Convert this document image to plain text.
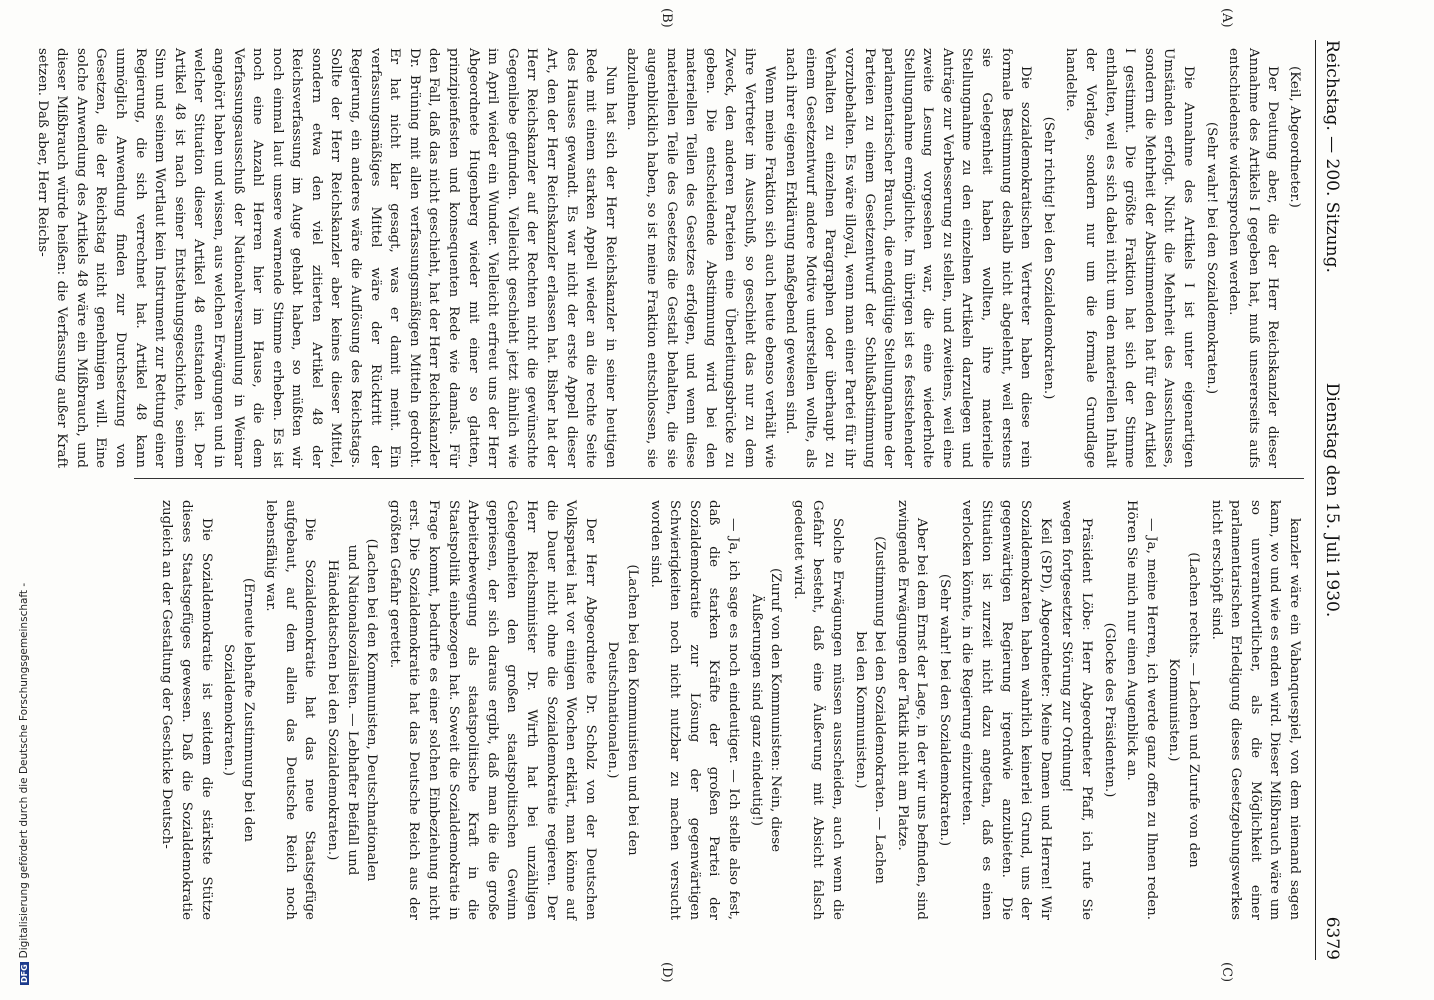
Reichstag. — 200. Sitzung.
Dienstag den 15. Juli 1930.
6379
(A)
(B)
(C)
(D)

(Keil, Abgeordneter.)

Der Deutung aber, die der Herr Reichskanzler dieser Annahme des Artikels I gegeben hat, muß unsererseits aufs entschiedenste widersprochen werden.

(Sehr wahr! bei den Sozialdemokraten.)

Die Annahme des Artikels I ist unter eigenartigen Umständen erfolgt. Nicht die Mehrheit des Ausschusses, sondern die Mehrheit der Abstimmenden hat für den Artikel I gestimmt. Die größte Fraktion hat sich der Stimme enthalten, weil es sich dabei nicht um den materiellen Inhalt der Vorlage, sondern nur um die formale Grundlage handelte.

(Sehr richtig! bei den Sozialdemokraten.)

Die sozialdemokratischen Vertreter haben diese rein formale Bestimmung deshalb nicht abgelehnt, weil erstens sie Gelegenheit haben wollten, ihre materielle Stellungnahme zu den einzelnen Artikeln darzulegen und Anträge zur Verbesserung zu stellen, und zweitens, weil eine zweite Lesung vorgesehen war, die eine wiederholte Stellungnahme ermöglichte. Im übrigen ist es feststehender parlamentarischer Brauch, die endgültige Stellungnahme der Parteien zu einem Gesetzentwurf der Schlußabstimmung vorzubehalten. Es wäre illoyal, wenn man einer Partei für ihr Verhalten zu einzelnen Paragraphen oder überhaupt zu einem Gesetzentwurf andere Motive unterstellen wollte, als nach ihrer eigenen Erklärung maßgebend gewesen sind.

Wenn meine Fraktion sich auch heute ebenso verhält wie ihre Vertreter im Ausschuß, so geschieht das nur zu dem Zweck, den anderen Parteien eine Überleitungsbrücke zu geben. Die entscheidende Abstimmung wird bei den materiellen Teilen des Gesetzes erfolgen, und wenn diese materiellen Teile des Gesetzes die Gestalt behalten, die sie augenblicklich haben, so ist meine Fraktion entschlossen, sie abzulehnen.

Nun hat sich der Herr Reichskanzler in seiner heutigen Rede mit einem starken Appell wieder an die rechte Seite des Hauses gewandt. Es war nicht der erste Appell dieser Art, den der Herr Reichskanzler erlassen hat. Bisher hat der Herr Reichskanzler auf der Rechten nicht die gewünschte Gegenliebe gefunden. Vielleicht geschieht jetzt ähnlich wie im April wieder ein Wunder. Vielleicht erfreut uns der Herr Abgeordnete Hugenberg wieder mit einer so glatten, prinzipienfesten und konsequenten Rede wie damals. Für den Fall, daß das nicht geschieht, hat der Herr Reichskanzler Dr. Brüning mit allen verfassungsmäßigen Mitteln gedroht. Er hat nicht klar gesagt, was er damit meint. Ein verfassungsmäßiges Mittel wäre der Rücktritt der Regierung, ein anderes wäre die Auflösung des Reichstags. Sollte der Herr Reichskanzler aber keines dieser Mittel, sondern etwa den viel zitierten Artikel 48 der Reichsverfassung im Auge gehabt haben, so müßten wir noch einmal laut unsere warnende Stimme erheben. Es ist noch eine Anzahl Herren hier im Hause, die dem Verfassungsausschuß der Nationalversammlung in Weimar angehört haben und wissen, aus welchen Erwägungen und in welcher Situation dieser Artikel 48 entstanden ist. Der Artikel 48 ist nach seiner Entstehungsgeschichte, seinem Sinn und seinem Wortlaut kein Instrument zur Rettung einer Regierung, die sich verrechnet hat. Artikel 48 kann unmöglich Anwendung finden zur Durchsetzung von Gesetzen, die der Reichstag nicht genehmigen will. Eine solche Anwendung des Artikels 48 wäre ein Mißbrauch, und dieser Mißbrauch würde heißen: die Verfassung außer Kraft setzen. Daß aber, Herr Reichs-

kanzler wäre ein Vabanquespiel, von dem niemand sagen kann, wo und wie es enden wird. Dieser Mißbrauch wäre um so unverantwortlicher, als die Möglichkeit einer parlamentarischen Erledigung dieses Gesetzgebungswerkes nicht erschöpft sind.

(Lachen rechts. — Lachen und Zurufe von den Kommunisten.)

— Ja, meine Herren, ich werde ganz offen zu Ihnen reden. Hören Sie mich nur einen Augenblick an.

(Glocke des Präsidenten.)

Präsident Löbe: Herr Abgeordneter Pfaff, ich rufe Sie wegen fortgesetzter Störung zur Ordnung!

Keil (SPD), Abgeordneter: Meine Damen und Herren! Wir Sozialdemokraten haben wahrlich keinerlei Grund, uns der gegenwärtigen Regierung irgendwie anzubieten. Die Situation ist zurzeit nicht dazu angetan, daß es einen verlocken könnte, in die Regierung einzutreten.

(Sehr wahr! bei den Sozialdemokraten.)

Aber bei dem Ernst der Lage, in der wir uns befinden, sind zwingende Erwägungen der Taktik nicht am Platze.

(Zustimmung bei den Sozialdemokraten. — Lachen bei den Kommunisten.)

Solche Erwägungen müssen ausscheiden, auch wenn die Gefahr besteht, daß eine Äußerung mit Absicht falsch gedeutet wird.

(Zuruf von den Kommunisten: Nein, diese Äußerungen sind ganz eindeutig!)

— Ja, ich sage es noch eindeutiger. — Ich stelle also fest, daß die starken Kräfte der großen Partei der Sozialdemokratie zur Lösung der gegenwärtigen Schwierigkeiten noch nicht nutzbar zu machen versucht worden sind.

(Lachen bei den Kommunisten und bei den Deutschnationalen.)

Der Herr Abgeordnete Dr. Scholz von der Deutschen Volkspartei hat vor einigen Wochen erklärt, man könne auf die Dauer nicht ohne die Sozialdemokratie regieren. Der Herr Reichsminister Dr. Wirth hat bei unzähligen Gelegenheiten den großen staatspolitischen Gewinn gepriesen, der sich daraus ergibt, daß man die die große Arbeiterbewegung als staatspolitische Kraft in die Staatspolitik einbezogen hat. Soweit die Sozialdemokratie in Frage kommt, bedurfte es einer solchen Einbeziehung nicht erst. Die Sozialdemokratie hat das Deutsche Reich aus der größten Gefahr gerettet.

(Lachen bei den Kommunisten, Deutschnationalen und Nationalsozialisten. — Lebhafter Beifall und Händeklatschen bei den Sozialdemokraten.)

Die Sozialdemokratie hat das neue Staatsgefüge aufgebaut, auf dem allein das Deutsche Reich noch lebensfähig war.

(Erneute lebhafte Zustimmung bei den Sozialdemokraten.)

Die Sozialdemokratie ist seitdem die stärkste Stütze dieses Staatsgefüges gewesen. Daß die Sozialdemokratie zugleich an der Gestaltung der Geschicke Deutsch-

DFGDigitalisierung gefördert durch die Deutsche Forschungsgemeinschaft -
